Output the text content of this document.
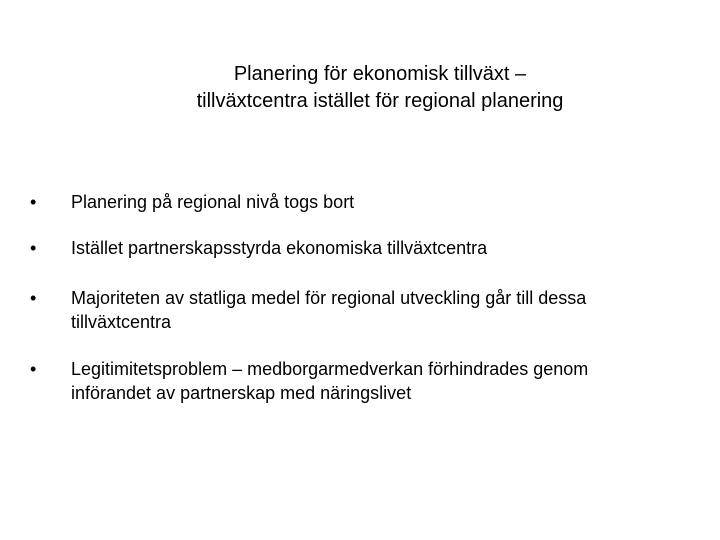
Planering för ekonomisk tillväxt –
tillväxtcentra istället för regional planering
•	Planering på regional nivå togs bort
•	Istället partnerskapsstyrda ekonomiska tillväxtcentra
•	Majoriteten av statliga medel för regional utveckling går till dessa tillväxtcentra
•	Legitimitetsproblem – medborgarmedverkan förhindrades genom införandet av partnerskap med näringslivet
